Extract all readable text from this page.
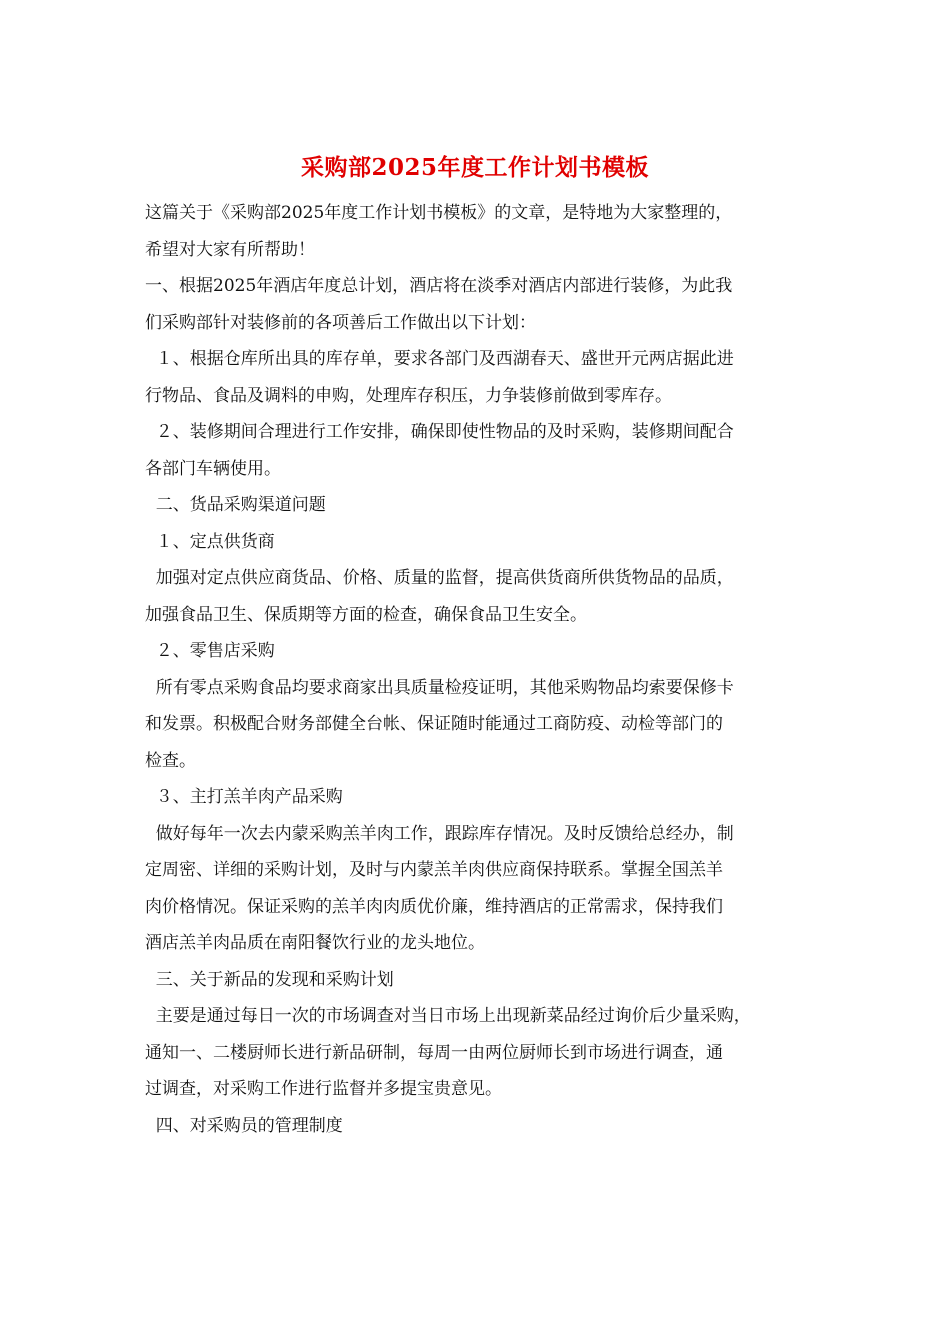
采购部2025年度工作计划书模板
这篇关于《采购部2025年度工作计划书模板》的文章，是特地为大家整理的，
希望对大家有所帮助！
一、根据2025年酒店年度总计划，酒店将在淡季对酒店内部进行装修，为此我
们采购部针对装修前的各项善后工作做出以下计划：
１、根据仓库所出具的库存单，要求各部门及西湖春天、盛世开元两店据此进
行物品、食品及调料的申购，处理库存积压，力争装修前做到零库存。
２、装修期间合理进行工作安排，确保即使性物品的及时采购，装修期间配合
各部门车辆使用。
二、货品采购渠道问题
１、定点供货商
加强对定点供应商货品、价格、质量的监督，提高供货商所供货物品的品质，
加强食品卫生、保质期等方面的检查，确保食品卫生安全。
２、零售店采购
所有零点采购食品均要求商家出具质量检疫证明，其他采购物品均索要保修卡
和发票。积极配合财务部健全台帐、保证随时能通过工商防疫、动检等部门的
检查。
３、主打羔羊肉产品采购
做好每年一次去内蒙采购羔羊肉工作，跟踪库存情况。及时反馈给总经办，制
定周密、详细的采购计划，及时与内蒙羔羊肉供应商保持联系。掌握全国羔羊
肉价格情况。保证采购的羔羊肉肉质优价廉，维持酒店的正常需求，保持我们
酒店羔羊肉品质在南阳餐饮行业的龙头地位。
三、关于新品的发现和采购计划
主要是通过每日一次的市场调查对当日市场上出现新菜品经过询价后少量采购，
通知一、二楼厨师长进行新品研制，每周一由两位厨师长到市场进行调查，通
过调查，对采购工作进行监督并多提宝贵意见。
四、对采购员的管理制度
